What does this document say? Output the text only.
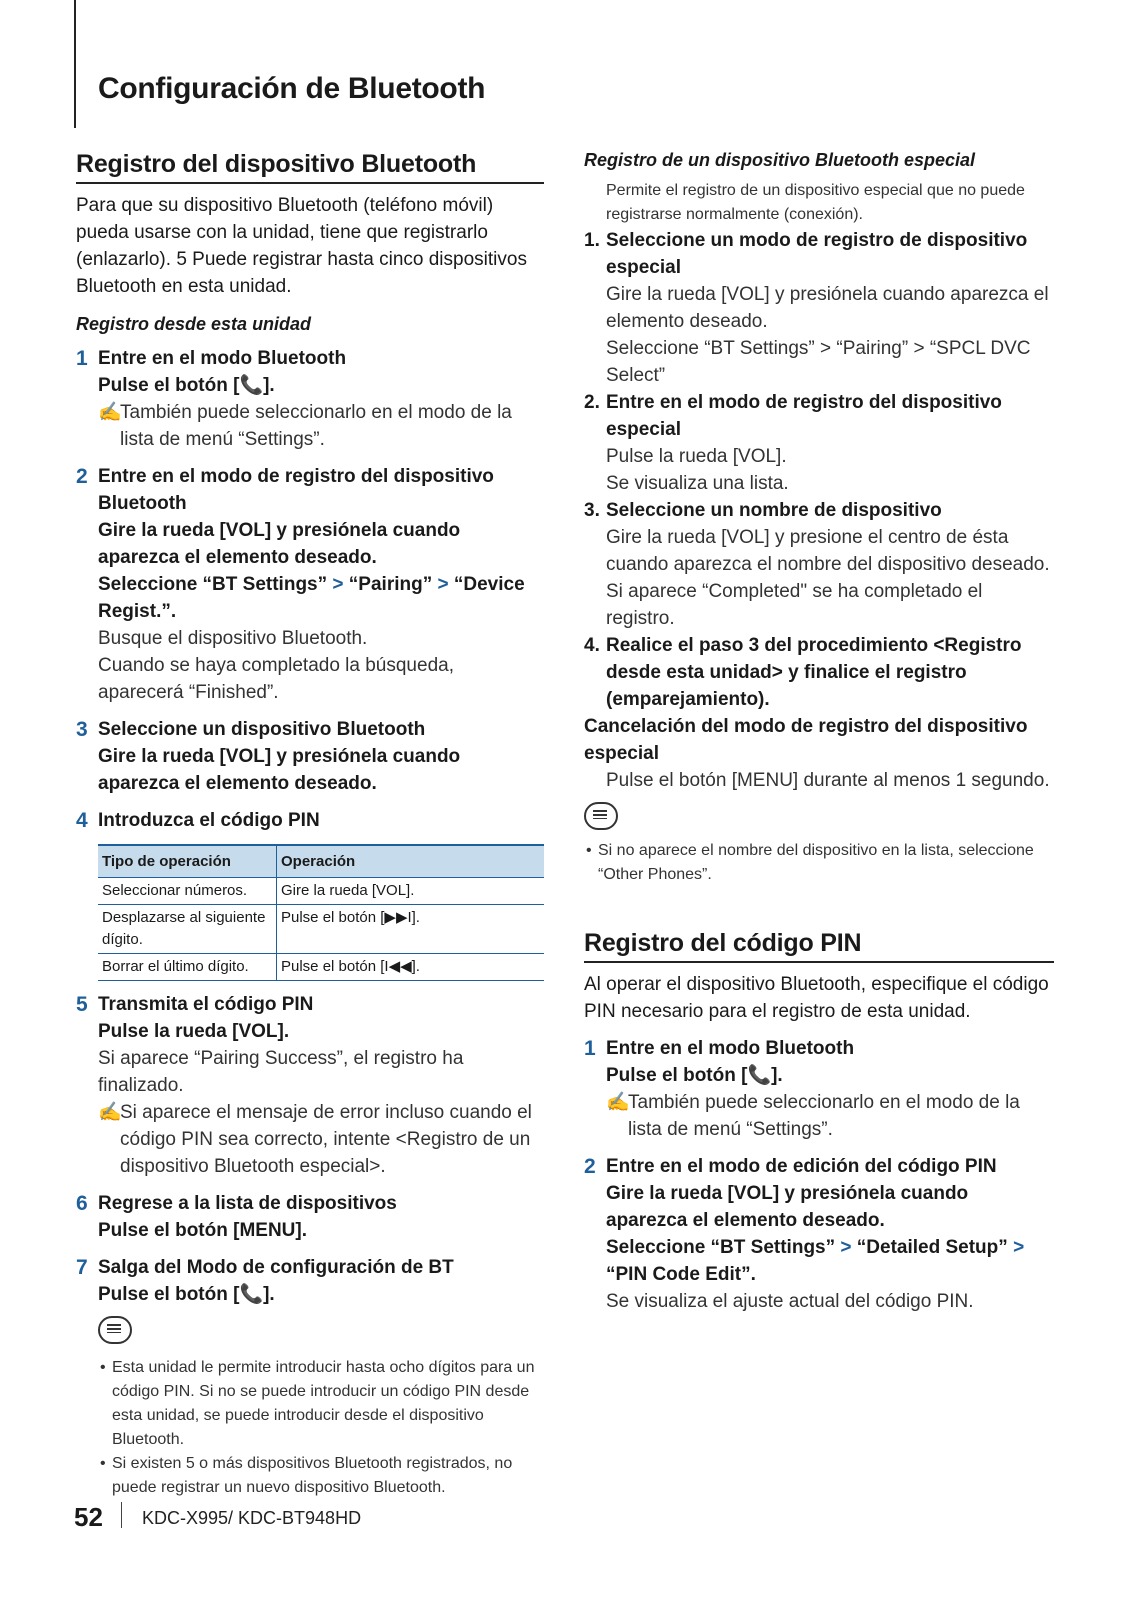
Configuración de Bluetooth
Registro del dispositivo Bluetooth

Para que su dispositivo Bluetooth (teléfono móvil) pueda usarse con la unidad, tiene que registrarlo (enlazarlo). 5 Puede registrar hasta cinco dispositivos Bluetooth en esta unidad.

Registro desde esta unidad
1 Entre en el modo Bluetooth
Pulse el botón [📞].
✍
También puede seleccionarlo en el modo de la lista de menú “Settings”.
2 Entre en el modo de registro del dispositivo Bluetooth
Gire la rueda [VOL] y presiónela cuando aparezca el elemento deseado.
Seleccione “BT Settings” > “Pairing” > “Device Regist.”.
Busque el dispositivo Bluetooth.
Cuando se haya completado la búsqueda, aparecerá “Finished”.
3 Seleccione un dispositivo Bluetooth
Gire la rueda [VOL] y presiónela cuando aparezca el elemento deseado.
4 Introduzca el código PIN
Tipo de operación	Operación
Seleccionar números.	Gire la rueda [VOL].
Desplazarse al siguiente dígito.	Pulse el botón [▶▶I].
Borrar el último dígito.	Pulse el botón [I◀◀].
5 Transmita el código PIN
Pulse la rueda [VOL].
Si aparece “Pairing Success”, el registro ha finalizado.
✍
Si aparece el mensaje de error incluso cuando el código PIN sea correcto, intente <Registro de un dispositivo Bluetooth especial>.
6 Regrese a la lista de dispositivos
Pulse el botón [MENU].
7 Salga del Modo de configuración de BT
Pulse el botón [📞].
• Esta unidad le permite introducir hasta ocho dígitos para un código PIN. Si no se puede introducir un código PIN desde esta unidad, se puede introducir desde el dispositivo Bluetooth.
• Si existen 5 o más dispositivos Bluetooth registrados, no puede registrar un nuevo dispositivo Bluetooth.
Registro de un dispositivo Bluetooth especial

Permite el registro de un dispositivo especial que no puede registrarse normalmente (conexión).

1. Seleccione un modo de registro de dispositivo especial
Gire la rueda [VOL] y presiónela cuando aparezca el elemento deseado.
Seleccione “BT Settings” > “Pairing” > “SPCL DVC Select”
2. Entre en el modo de registro del dispositivo especial
Pulse la rueda [VOL].
Se visualiza una lista.
3. Seleccione un nombre de dispositivo
Gire la rueda [VOL] y presione el centro de ésta cuando aparezca el nombre del dispositivo deseado.
Si aparece “Completed" se ha completado el registro.
4. Realice el paso 3 del procedimiento <Registro desde esta unidad> y finalice el registro (emparejamiento).
Cancelación del modo de registro del dispositivo especial
Pulse el botón [MENU] durante al menos 1 segundo.
• Si no aparece el nombre del dispositivo en la lista, seleccione “Other Phones”.
Registro del código PIN

Al operar el dispositivo Bluetooth, especifique el código PIN necesario para el registro de esta unidad.

1 Entre en el modo Bluetooth
Pulse el botón [📞].
✍
También puede seleccionarlo en el modo de la lista de menú “Settings”.
2 Entre en el modo de edición del código PIN
Gire la rueda [VOL] y presiónela cuando aparezca el elemento deseado.
Seleccione “BT Settings” > “Detailed Setup” > “PIN Code Edit”.
Se visualiza el ajuste actual del código PIN.
52 KDC-X995/ KDC-BT948HD
